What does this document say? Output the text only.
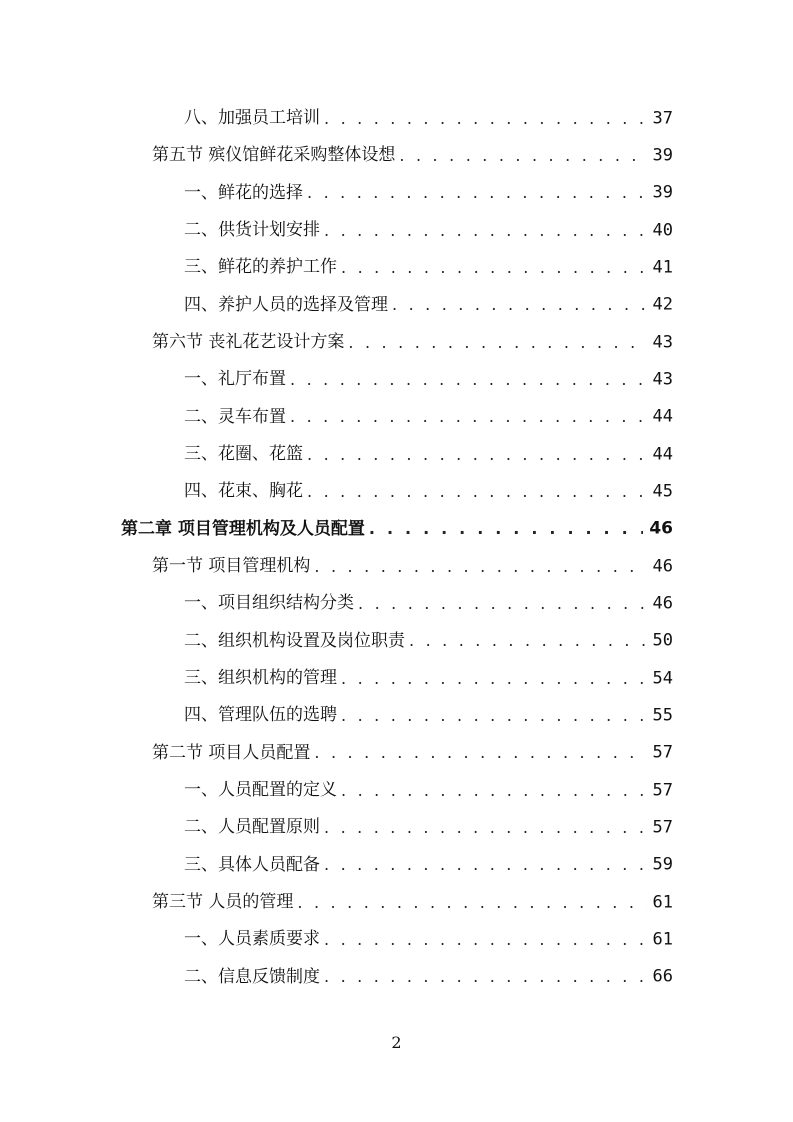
八、加强员工培训 . . .	37
第五节 殡仪馆鲜花采购整体设想 . . .	39
一、鲜花的选择 . . .	39
二、供货计划安排 . . .	40
三、鲜花的养护工作 . . .	41
四、养护人员的选择及管理 . . .	42
第六节 丧礼花艺设计方案 . . .	43
一、礼厅布置 . . .	43
二、灵车布置 . . .	44
三、花圈、花篮 . . .	44
四、花束、胸花 . . .	45
第二章 项目管理机构及人员配置 . . .	46
第一节 项目管理机构 . . .	46
一、项目组织结构分类 . . .	46
二、组织机构设置及岗位职责 . . .	50
三、组织机构的管理 . . .	54
四、管理队伍的选聘 . . .	55
第二节 项目人员配置 . . .	57
一、人员配置的定义 . . .	57
二、人员配置原则 . . .	57
三、具体人员配备 . . .	59
第三节 人员的管理 . . .	61
一、人员素质要求 . . .	61
二、信息反馈制度 . . .	66
2
